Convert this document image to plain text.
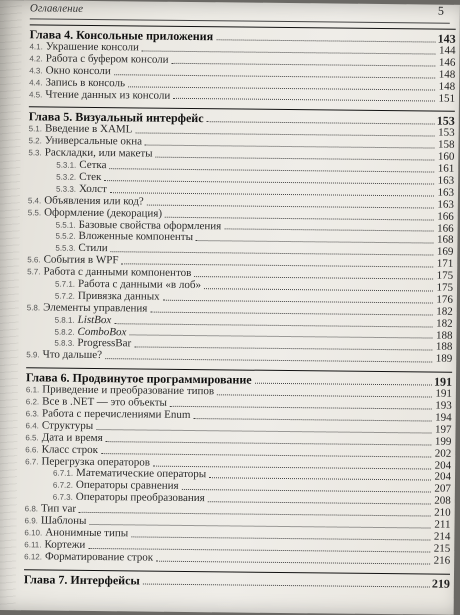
Оглавление	5
Глава 4. Консольные приложения	143
4.1. Украшение консоли	144
4.2. Работа с буфером консоли	146
4.3. Окно консоли	148
4.4. Запись в консоль	148
4.5. Чтение данных из консоли	151
Глава 5. Визуальный интерфейс	153
5.1. Введение в XAML	153
5.2. Универсальные окна	158
5.3. Раскладки, или макеты	160
5.3.1. Сетка	161
5.3.2. Стек	163
5.3.3. Холст	163
5.4. Объявления или код?	163
5.5. Оформление (декорация)	166
5.5.1. Базовые свойства оформления	166
5.5.2. Вложенные компоненты	168
5.5.3. Стили	169
5.6. События в WPF	171
5.7. Работа с данными компонентов	175
5.7.1. Работа с данными «в лоб»	175
5.7.2. Привязка данных	176
5.8. Элементы управления	182
5.8.1. ListBox	182
5.8.2. ComboBox	188
5.8.3. ProgressBar	188
5.9. Что дальше?	189
Глава 6. Продвинутое программирование	191
6.1. Приведение и преобразование типов	191
6.2. Все в .NET — это объекты	193
6.3. Работа с перечислениями Enum	194
6.4. Структуры	197
6.5. Дата и время	199
6.6. Класс строк	202
6.7. Перегрузка операторов	204
6.7.1. Математические операторы	204
6.7.2. Операторы сравнения	207
6.7.3. Операторы преобразования	208
6.8. Тип var	210
6.9. Шаблоны	211
6.10. Анонимные типы	214
6.11. Кортежи	215
6.12. Форматирование строк	216
Глава 7. Интерфейсы	219
